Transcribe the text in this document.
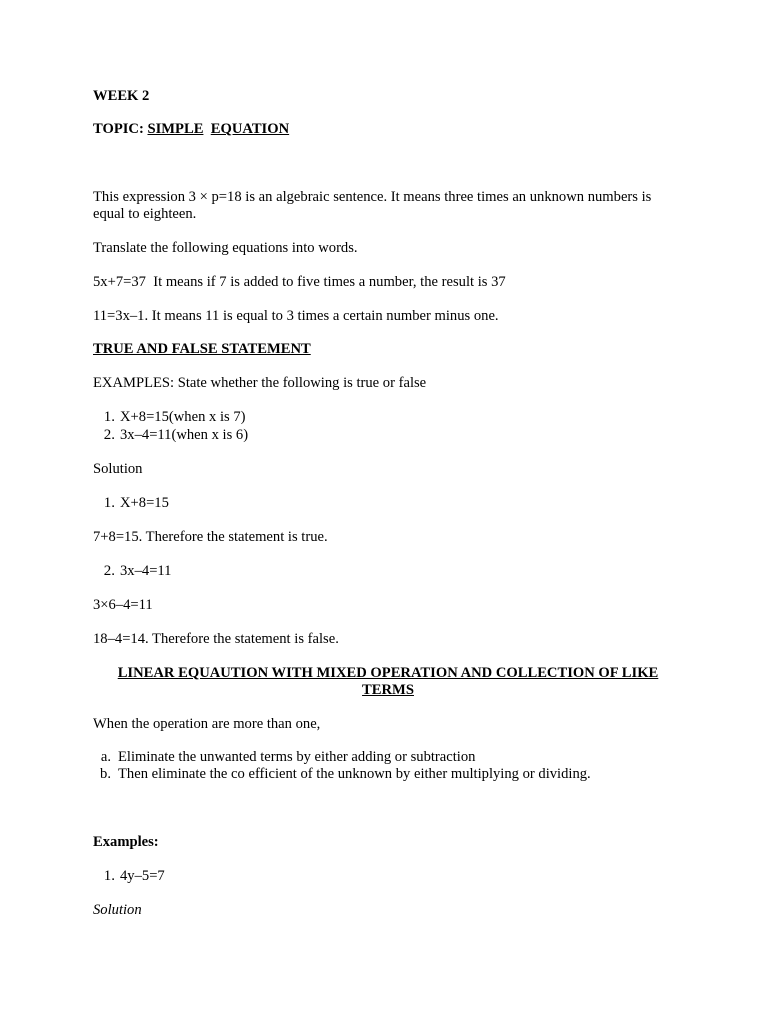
WEEK 2
TOPIC: SIMPLE EQUATION
This expression 3 × p=18 is an algebraic sentence. It means three times an unknown numbers is equal to eighteen.
Translate the following equations into words.
5x+7=37 It means if 7 is added to five times a number, the result is 37
11=3x–1. It means 11 is equal to 3 times a certain number minus one.
TRUE AND FALSE STATEMENT
EXAMPLES: State whether the following is true or false
1. X+8=15(when x is 7)
2. 3x–4=11(when x is 6)
Solution
1. X+8=15
7+8=15. Therefore the statement is true.
2. 3x–4=11
3×6–4=11
18–4=14. Therefore the statement is false.
LINEAR EQUAUTION WITH MIXED OPERATION AND COLLECTION OF LIKE TERMS
When the operation are more than one,
a. Eliminate the unwanted terms by either adding or subtraction
b. Then eliminate the co efficient of the unknown by either multiplying or dividing.
Examples:
1. 4y–5=7
Solution
